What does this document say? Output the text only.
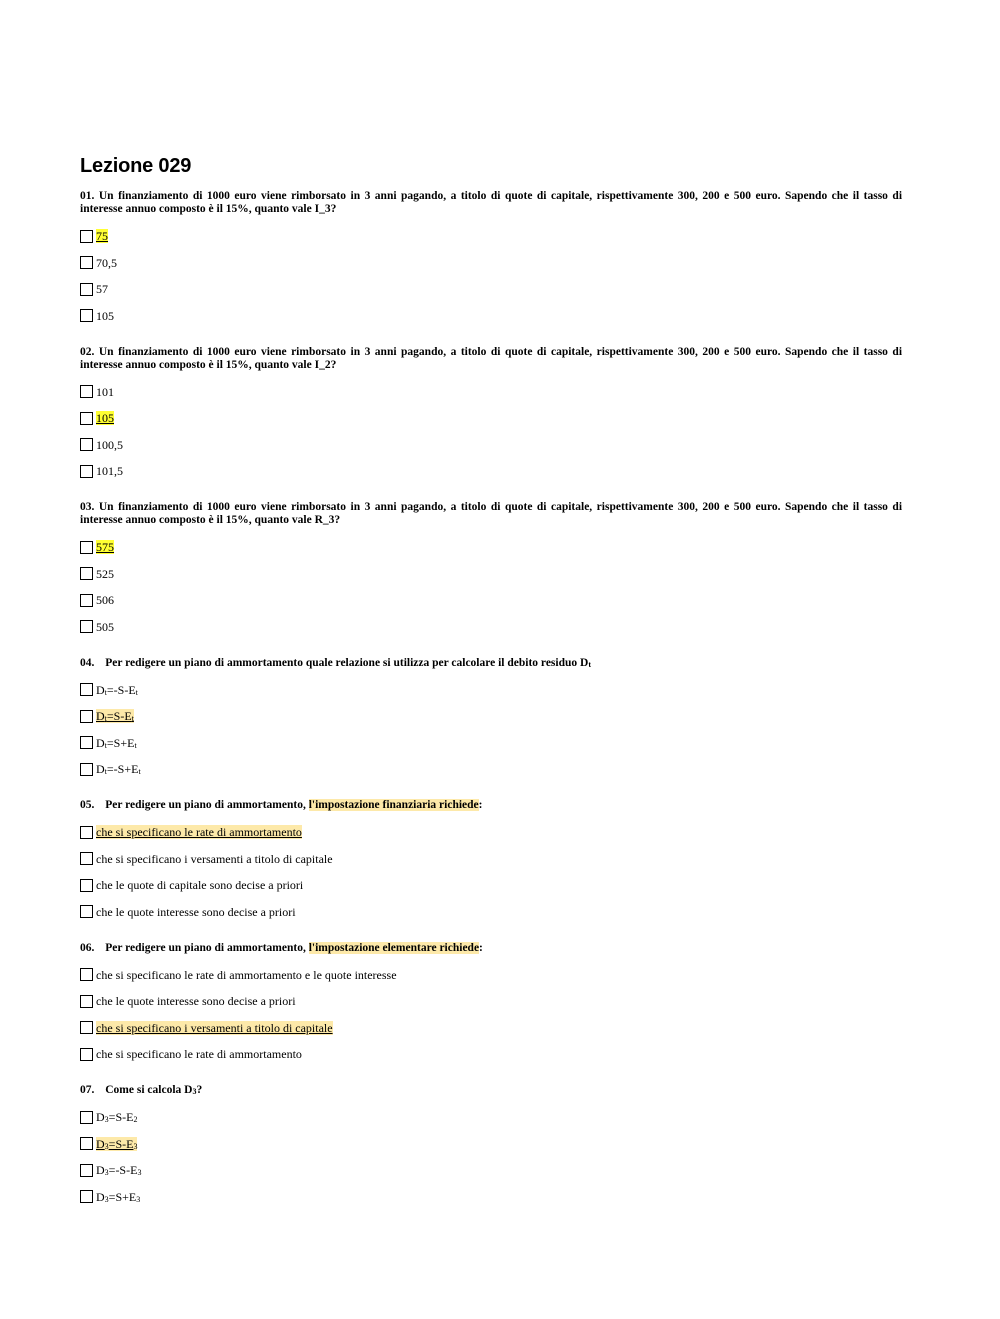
Lezione 029

01. Un finanziamento di 1000 euro viene rimborsato in 3 anni pagando, a titolo di quote di capitale, rispettivamente 300, 200 e 500 euro. Sapendo che il tasso di interesse annuo composto è il 15%, quanto vale I_3?

75
70,5
57
105

02. Un finanziamento di 1000 euro viene rimborsato in 3 anni pagando, a titolo di quote di capitale, rispettivamente 300, 200 e 500 euro. Sapendo che il tasso di interesse annuo composto è il 15%, quanto vale I_2?

101
105
100,5
101,5

03. Un finanziamento di 1000 euro viene rimborsato in 3 anni pagando, a titolo di quote di capitale, rispettivamente 300, 200 e 500 euro. Sapendo che il tasso di interesse annuo composto è il 15%, quanto vale R_3?

575
525
506
505

04. Per redigere un piano di ammortamento quale relazione si utilizza per calcolare il debito residuo $D_t$

$D_t=-S-E_t$
$D_t=S-E_t$
$D_t=S+E_t$
$D_t=-S+E_t$

05. Per redigere un piano di ammortamento, l'impostazione finanziaria richiede:

che si specificano le rate di ammortamento
che si specificano i versamenti a titolo di capitale
che le quote di capitale sono decise a priori
che le quote interesse sono decise a priori

06. Per redigere un piano di ammortamento, l'impostazione elementare richiede:

che si specificano le rate di ammortamento e le quote interesse
che le quote interesse sono decise a priori
che si specificano i versamenti a titolo di capitale
che si specificano le rate di ammortamento

07. Come si calcola $D_3$?

$D_3=S-E_2$
$D_3=S-E_3$
$D_3=-S-E_3$
$D_3=S+E_3$
